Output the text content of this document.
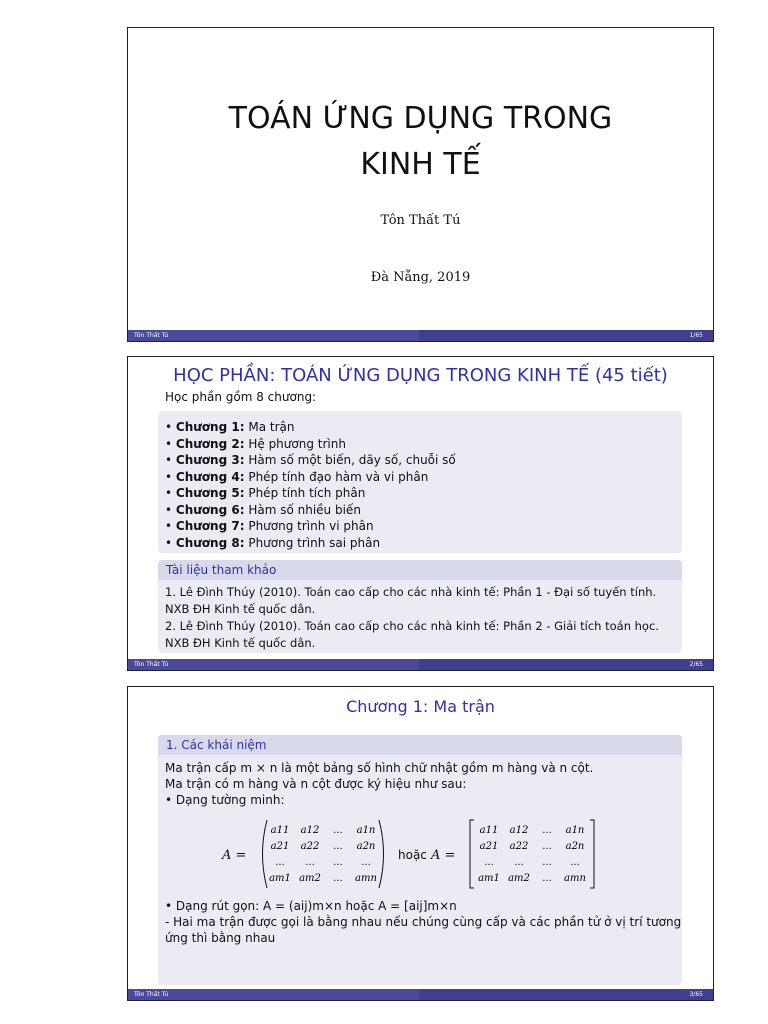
TOÁN ỨNG DỤNG TRONG
KINH TẾ
Tôn Thất Tú
Đà Nẵng, 2019
Tôn Thất Tú	1/65
HỌC PHẦN: TOÁN ỨNG DỤNG TRONG KINH TẾ (45 tiết)
Học phần gồm 8 chương:
• Chương 1: Ma trận
• Chương 2: Hệ phương trình
• Chương 3: Hàm số một biến, dãy số, chuỗi số
• Chương 4: Phép tính đạo hàm và vi phân
• Chương 5: Phép tính tích phân
• Chương 6: Hàm số nhiều biến
• Chương 7: Phương trình vi phân
• Chương 8: Phương trình sai phân
Tài liệu tham khảo
1. Lê Đình Thúy (2010). Toán cao cấp cho các nhà kinh tế: Phần 1 - Đại số tuyến tính. NXB ĐH Kinh tế quốc dân.
2. Lê Đình Thúy (2010). Toán cao cấp cho các nhà kinh tế: Phần 2 - Giải tích toán học. NXB ĐH Kinh tế quốc dân.
Tôn Thất Tú	2/65
Chương 1: Ma trận
1. Các khái niệm
Ma trận cấp m × n là một bảng số hình chữ nhật gồm m hàng và n cột.
Ma trận có m hàng và n cột được ký hiệu như sau:
• Dạng tường minh:
A =
a11 a12 ... a1n
a21 a22 ... a2n
... ... ... ...
am1 am2 ... amn
hoặc A =
a11 a12 ... a1n
a21 a22 ... a2n
... ... ... ...
am1 am2 ... amn
• Dạng rút gọn: A = (aij)m×n hoặc A = [aij]m×n
- Hai ma trận được gọi là bằng nhau nếu chúng cùng cấp và các phần tử ở vị trí tương ứng thì bằng nhau
Tôn Thất Tú	3/65
